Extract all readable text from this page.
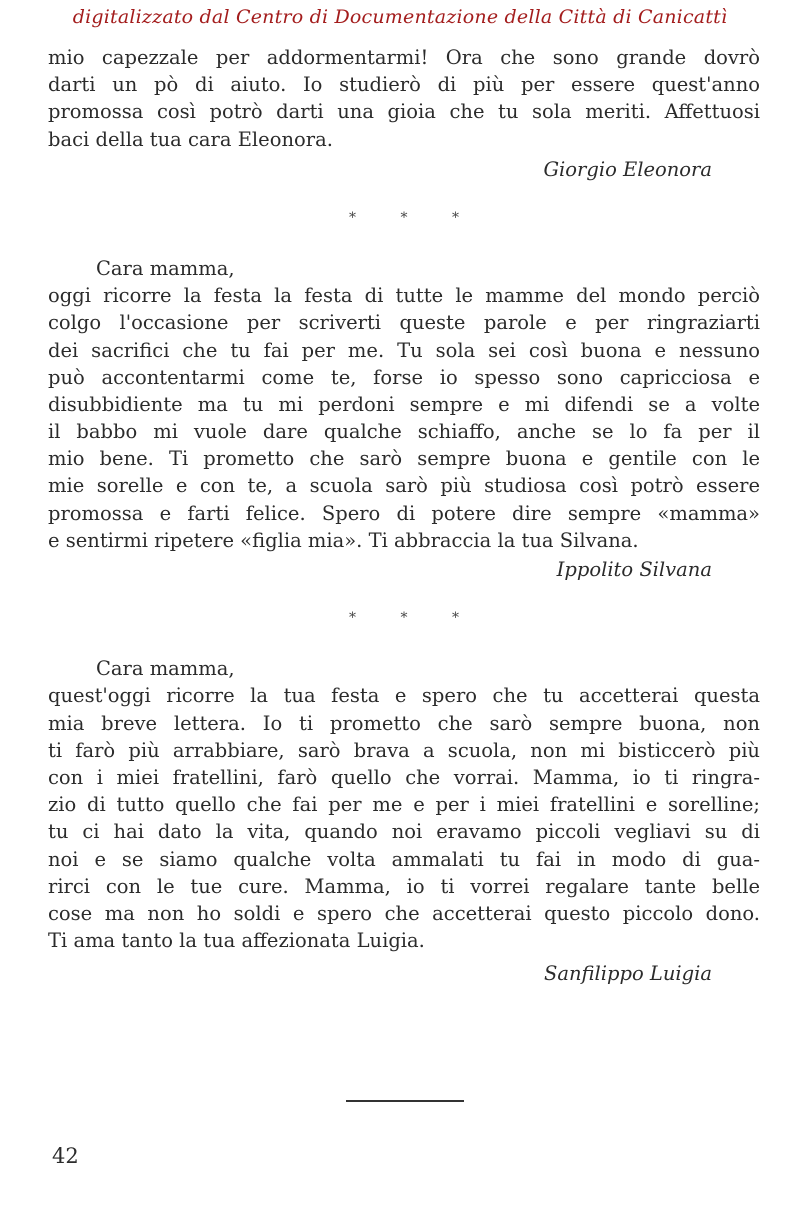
digitalizzato dal Centro di Documentazione della Città di Canicattì
mio capezzale per addormentarmi! Ora che sono grande dovrò
darti un pò di aiuto. Io studierò di più per essere quest'anno
promossa così potrò darti una gioia che tu sola meriti. Affettuosi
baci della tua cara Eleonora.
Giorgio Eleonora
* * *
Cara mamma,
oggi ricorre la festa la festa di tutte le mamme del mondo perciò
colgo l'occasione per scriverti queste parole e per ringraziarti
dei sacrifici che tu fai per me. Tu sola sei così buona e nessuno
può accontentarmi come te, forse io spesso sono capricciosa e
disubbidiente ma tu mi perdoni sempre e mi difendi se a volte
il babbo mi vuole dare qualche schiaffo, anche se lo fa per il
mio bene. Ti prometto che sarò sempre buona e gentile con le
mie sorelle e con te, a scuola sarò più studiosa così potrò essere
promossa e farti felice. Spero di potere dire sempre «mamma»
e sentirmi ripetere «figlia mia». Ti abbraccia la tua Silvana.
Ippolito Silvana
* * *
Cara mamma,
quest'oggi ricorre la tua festa e spero che tu accetterai questa
mia breve lettera. Io ti prometto che sarò sempre buona, non
ti farò più arrabbiare, sarò brava a scuola, non mi bisticcerò più
con i miei fratellini, farò quello che vorrai. Mamma, io ti ringra-
zio di tutto quello che fai per me e per i miei fratellini e sorelline;
tu ci hai dato la vita, quando noi eravamo piccoli vegliavi su di
noi e se siamo qualche volta ammalati tu fai in modo di gua-
rirci con le tue cure. Mamma, io ti vorrei regalare tante belle
cose ma non ho soldi e spero che accetterai questo piccolo dono.
Ti ama tanto la tua affezionata Luigia.
Sanfilippo Luigia
42
